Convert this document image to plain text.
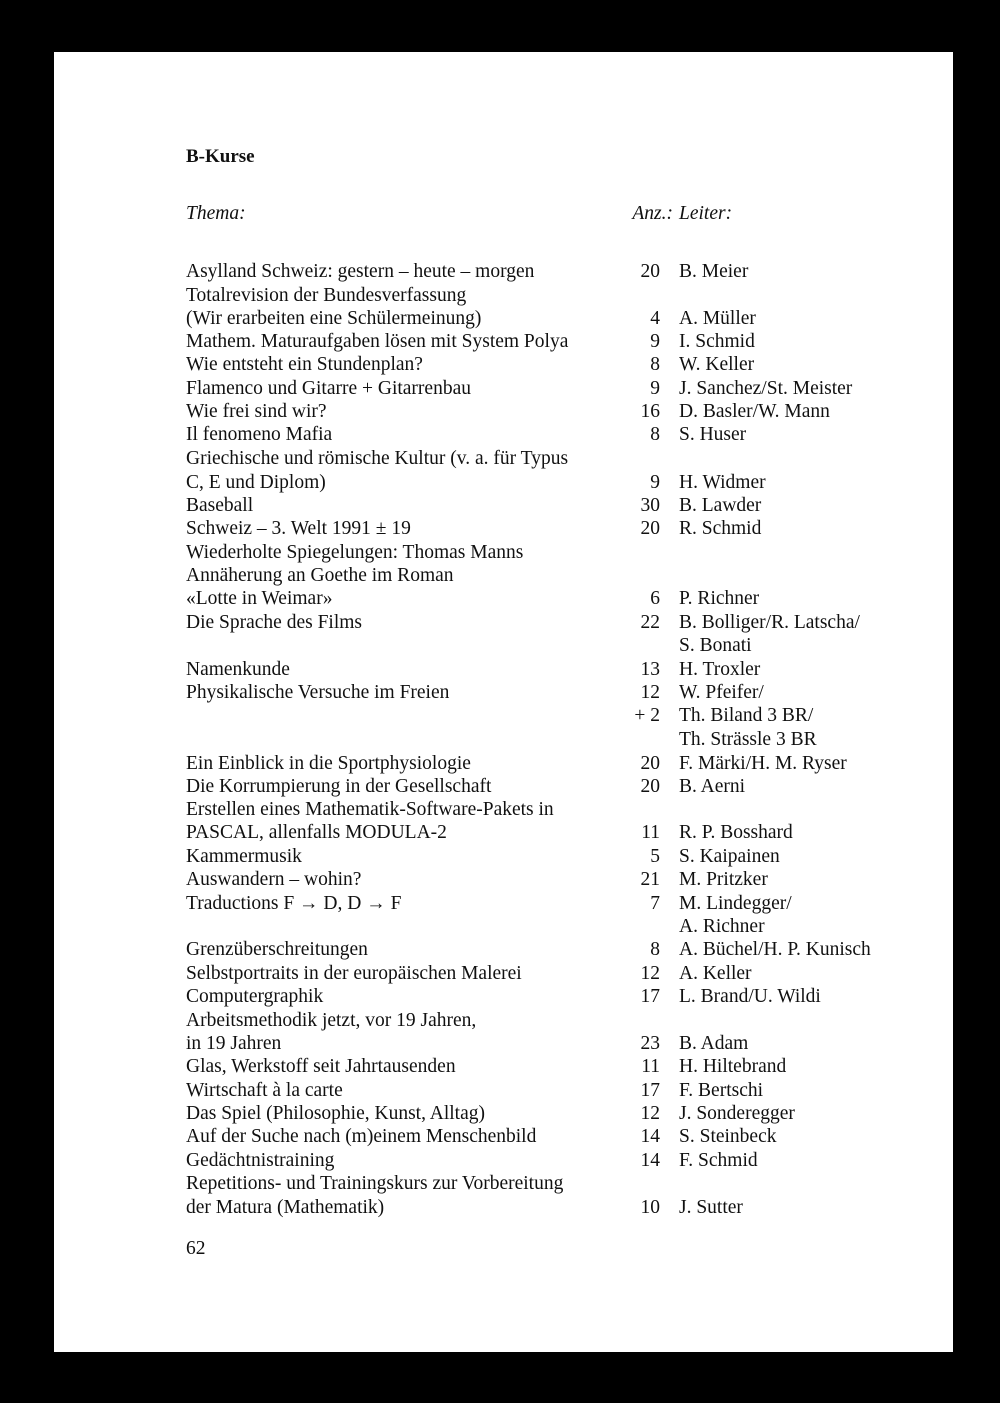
B-Kurse
Thema:	Anz.: Leiter:
Asylland Schweiz: gestern – heute – morgen	20 B. Meier
Totalrevision der Bundesverfassung
(Wir erarbeiten eine Schülermeinung)	4 A. Müller
Mathem. Maturaufgaben lösen mit System Polya	9 I. Schmid
Wie entsteht ein Stundenplan?	8 W. Keller
Flamenco und Gitarre + Gitarrenbau	9 J. Sanchez/St. Meister
Wie frei sind wir?	16 D. Basler/W. Mann
Il fenomeno Mafia	8 S. Huser
Griechische und römische Kultur (v. a. für Typus
C, E und Diplom)	9 H. Widmer
Baseball	30 B. Lawder
Schweiz – 3. Welt 1991 ± 19	20 R. Schmid
Wiederholte Spiegelungen: Thomas Manns
Annäherung an Goethe im Roman
«Lotte in Weimar»	6 P. Richner
Die Sprache des Films	22 B. Bolliger/R. Latscha/
S. Bonati
Namenkunde	13 H. Troxler
Physikalische Versuche im Freien	12 W. Pfeifer/
+ 2 Th. Biland 3 BR/
Th. Strässle 3 BR
Ein Einblick in die Sportphysiologie	20 F. Märki/H. M. Ryser
Die Korrumpierung in der Gesellschaft	20 B. Aerni
Erstellen eines Mathematik-Software-Pakets in
PASCAL, allenfalls MODULA-2	11 R. P. Bosshard
Kammermusik	5 S. Kaipainen
Auswandern – wohin?	21 M. Pritzker
Traductions F → D, D → F	7 M. Lindegger/
A. Richner
Grenzüberschreitungen	8 A. Büchel/H. P. Kunisch
Selbstportraits in der europäischen Malerei	12 A. Keller
Computergraphik	17 L. Brand/U. Wildi
Arbeitsmethodik jetzt, vor 19 Jahren,
in 19 Jahren	23 B. Adam
Glas, Werkstoff seit Jahrtausenden	11 H. Hiltebrand
Wirtschaft à la carte	17 F. Bertschi
Das Spiel (Philosophie, Kunst, Alltag)	12 J. Sonderegger
Auf der Suche nach (m)einem Menschenbild	14 S. Steinbeck
Gedächtnistraining	14 F. Schmid
Repetitions- und Trainingskurs zur Vorbereitung
der Matura (Mathematik)	10 J. Sutter
62
